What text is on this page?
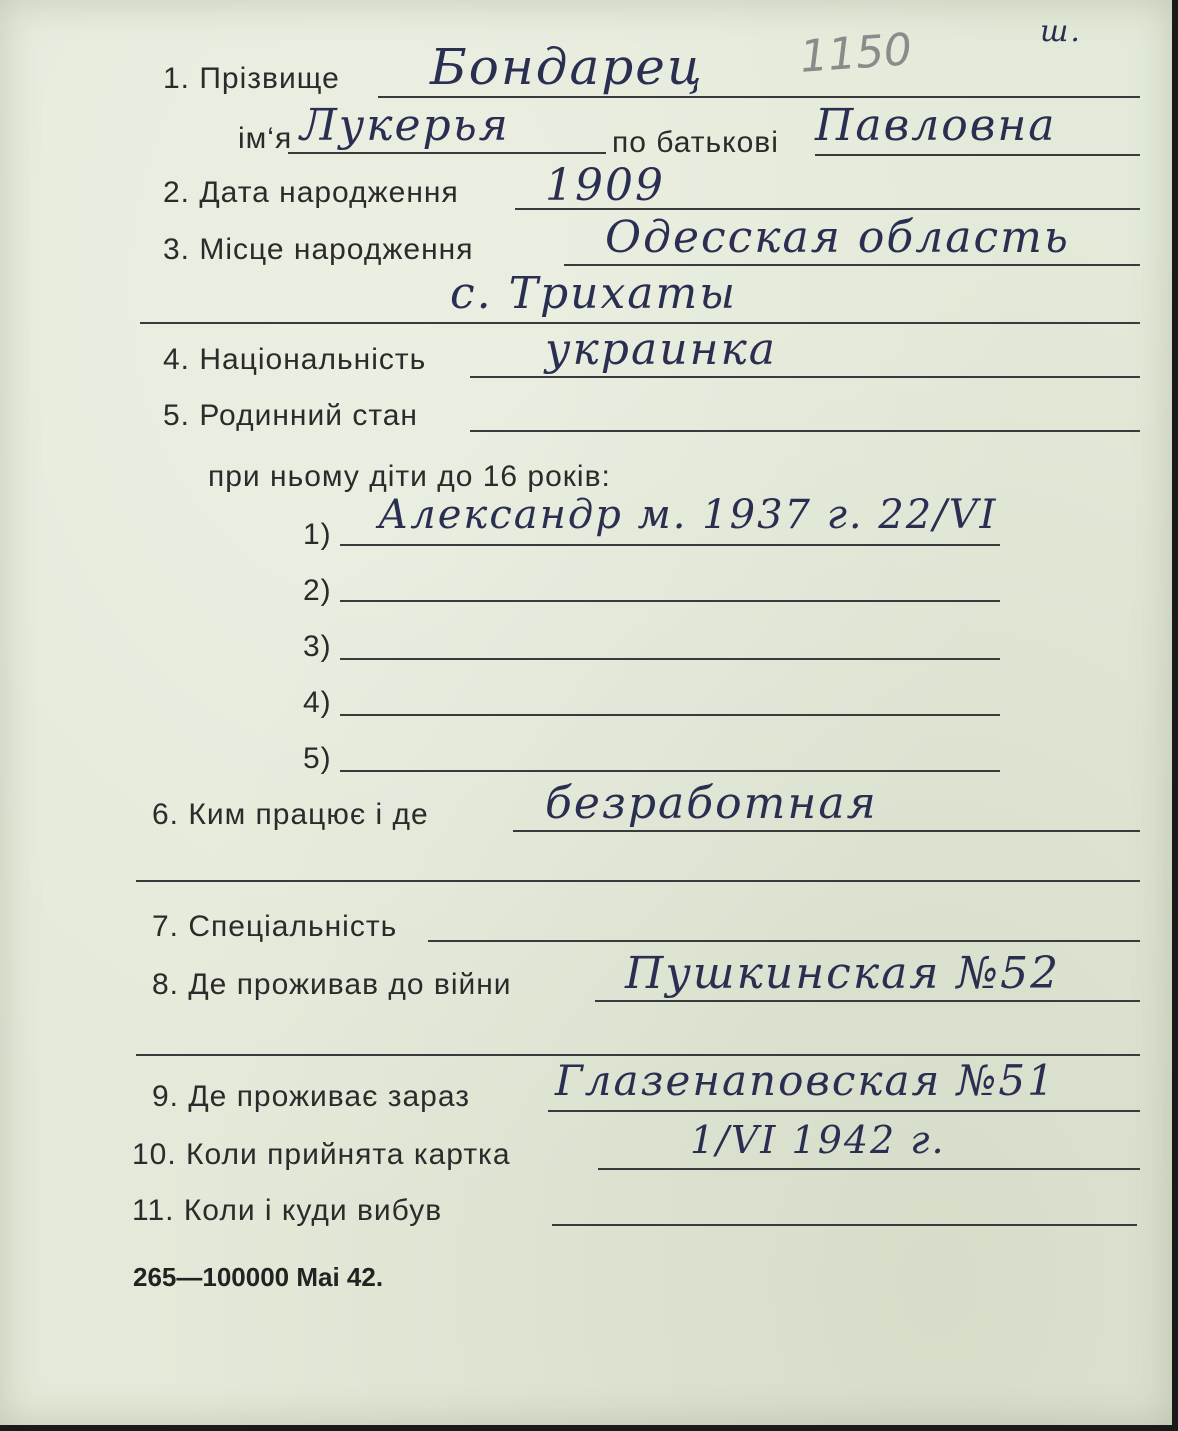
1150	ш.
1. Прізвище Бондарец
ім‘я Лукерья	по батькові Павловна
2. Дата народження 1909
3. Місце народження	Одесская область
с. Трихаты
4. Національність	украинка
5. Родинний стан
при ньому діти до 16 років:
1) Александр м. 1937 г. 22/VI
2)
3)
4)
5)
6. Ким працює і де	безработная
7. Спеціальність
8. Де проживав до війни	Пушкинская №52
9. Де проживає зараз Глазенаповская №51
10. Коли прийнята картка	1/VI 1942 г.
11. Коли і куди вибув
265—100000 Mai 42.
